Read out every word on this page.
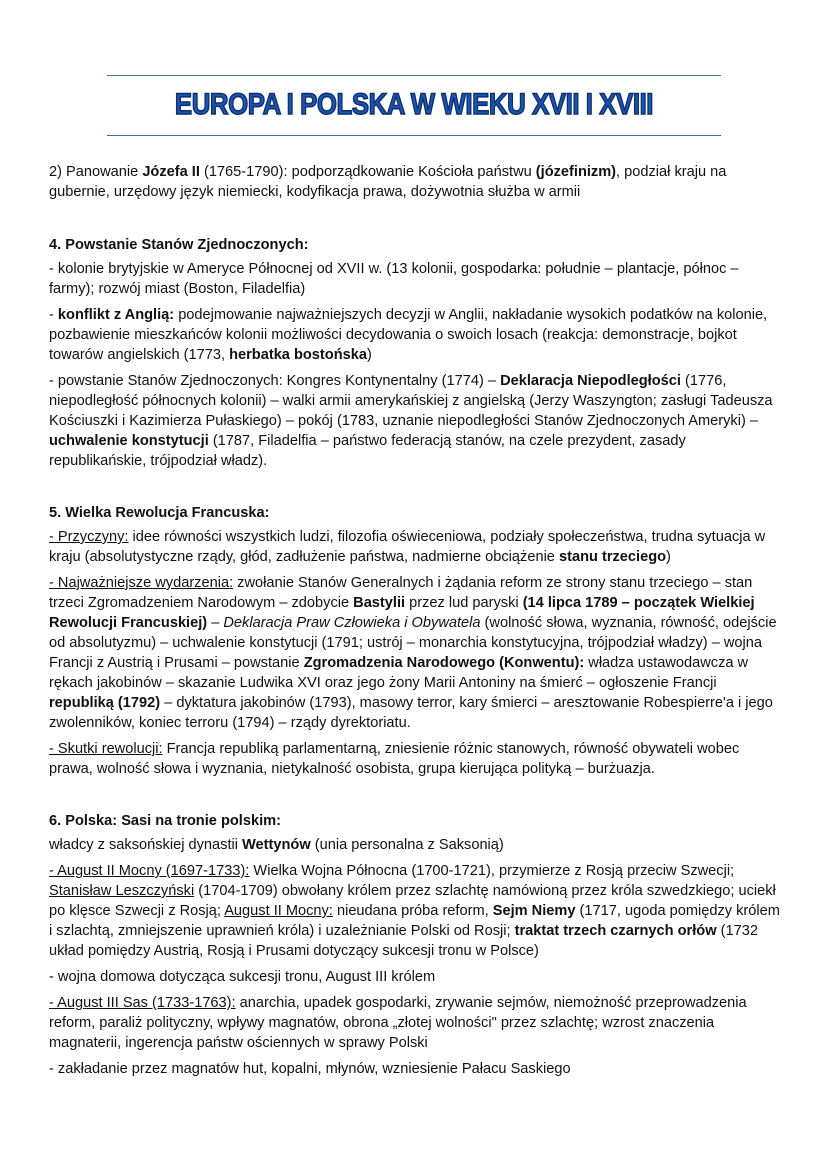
EUROPA I POLSKA W WIEKU XVII I XVIII

2) Panowanie Józefa II (1765-1790): podporządkowanie Kościoła państwu (józefinizm), podział kraju na gubernie, urzędowy język niemiecki, kodyfikacja prawa, dożywotnia służba w armii

4. Powstanie Stanów Zjednoczonych:

- kolonie brytyjskie w Ameryce Północnej od XVII w. (13 kolonii, gospodarka: południe – plantacje, północ – farmy); rozwój miast (Boston, Filadelfia)

- konflikt z Anglią: podejmowanie najważniejszych decyzji w Anglii, nakładanie wysokich podatków na kolonie, pozbawienie mieszkańców kolonii możliwości decydowania o swoich losach (reakcja: demonstracje, bojkot towarów angielskich (1773, herbatka bostońska)

- powstanie Stanów Zjednoczonych: Kongres Kontynentalny (1774) – Deklaracja Niepodległości (1776, niepodległość północnych kolonii) – walki armii amerykańskiej z angielską (Jerzy Waszyngton; zasługi Tadeusza Kościuszki i Kazimierza Pułaskiego) – pokój (1783, uznanie niepodległości Stanów Zjednoczonych Ameryki) – uchwalenie konstytucji (1787, Filadelfia – państwo federacją stanów, na czele prezydent, zasady republikańskie, trójpodział władz).

5. Wielka Rewolucja Francuska:

- Przyczyny: idee równości wszystkich ludzi, filozofia oświeceniowa, podziały społeczeństwa, trudna sytuacja w kraju (absolutystyczne rządy, głód, zadłużenie państwa, nadmierne obciążenie stanu trzeciego)

- Najważniejsze wydarzenia: zwołanie Stanów Generalnych i żądania reform ze strony stanu trzeciego – stan trzeci Zgromadzeniem Narodowym – zdobycie Bastylii przez lud paryski (14 lipca 1789 – początek Wielkiej Rewolucji Francuskiej) – Deklaracja Praw Człowieka i Obywatela (wolność słowa, wyznania, równość, odejście od absolutyzmu) – uchwalenie konstytucji (1791; ustrój – monarchia konstytucyjna, trójpodział władzy) – wojna Francji z Austrią i Prusami – powstanie Zgromadzenia Narodowego (Konwentu): władza ustawodawcza w rękach jakobinów – skazanie Ludwika XVI oraz jego żony Marii Antoniny na śmierć – ogłoszenie Francji republiką (1792) – dyktatura jakobinów (1793), masowy terror, kary śmierci – aresztowanie Robespierre'a i jego zwolenników, koniec terroru (1794) – rządy dyrektoriatu.

- Skutki rewolucji: Francja republiką parlamentarną, zniesienie różnic stanowych, równość obywateli wobec prawa, wolność słowa i wyznania, nietykalność osobista, grupa kierująca polityką – burżuazja.

6. Polska: Sasi na tronie polskim:

władcy z saksońskiej dynastii Wettynów (unia personalna z Saksonią)

- August II Mocny (1697-1733): Wielka Wojna Północna (1700-1721), przymierze z Rosją przeciw Szwecji; Stanisław Leszczyński (1704-1709) obwołany królem przez szlachtę namówioną przez króla szwedzkiego; uciekł po klęsce Szwecji z Rosją; August II Mocny: nieudana próba reform, Sejm Niemy (1717, ugoda pomiędzy królem i szlachtą, zmniejszenie uprawnień króla) i uzależnianie Polski od Rosji; traktat trzech czarnych orłów (1732 układ pomiędzy Austrią, Rosją i Prusami dotyczący sukcesji tronu w Polsce)

- wojna domowa dotycząca sukcesji tronu, August III królem

- August III Sas (1733-1763): anarchia, upadek gospodarki, zrywanie sejmów, niemożność przeprowadzenia reform, paraliż polityczny, wpływy magnatów, obrona „złotej wolności" przez szlachtę; wzrost znaczenia magnaterii, ingerencja państw ościennych w sprawy Polski

- zakładanie przez magnatów hut, kopalni, młynów, wzniesienie Pałacu Saskiego
